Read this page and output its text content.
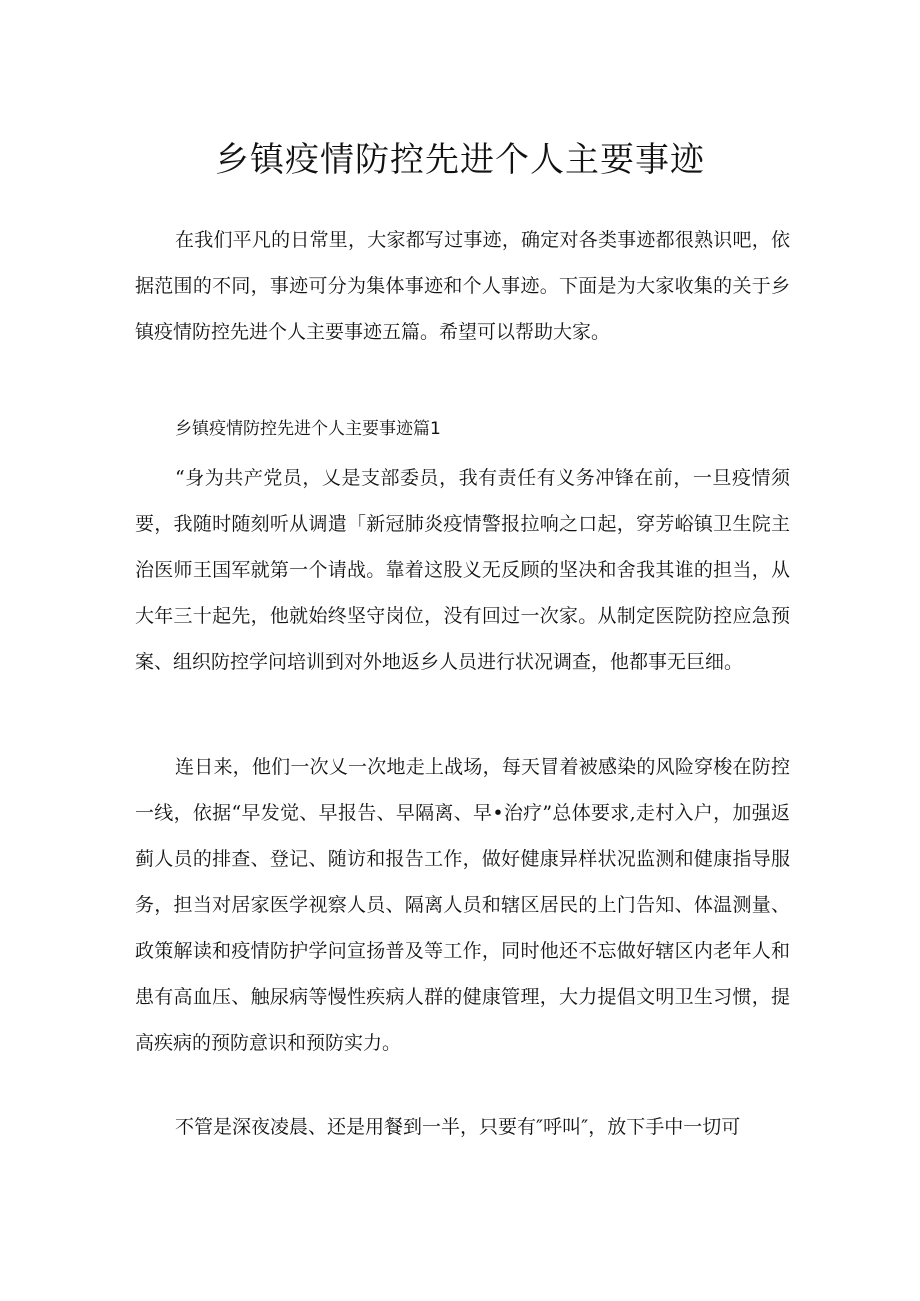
乡镇疫情防控先进个人主要事迹

在我们平凡的日常里，大家都写过事迹，确定对各类事迹都很熟识吧，依据范围的不同，事迹可分为集体事迹和个人事迹。下面是为大家收集的关于乡镇疫情防控先进个人主要事迹五篇。希望可以帮助大家。

乡镇疫情防控先进个人主要事迹篇1

“身为共产党员，乂是支部委员，我有责任有义务冲锋在前，一旦疫情须要，我随时随刻听从调遣「新冠肺炎疫情警报拉响之口起，穿芳峪镇卫生院主治医师王国军就第一个请战。靠着这股义无反顾的坚决和舍我其谁的担当，从大年三十起先，他就始终坚守岗位，没有回过一次家。从制定医院防控应急预案、组织防控学问培训到对外地返乡人员进行状况调查，他都事无巨细。

连日来，他们一次乂一次地走上战场，每天冒着被感染的风险穿梭在防控一线，依据“早发觉、早报告、早隔离、早•治疗”总体要求,走村入户，加强返蓟人员的排查、登记、随访和报告工作，做好健康异样状况监测和健康指导服务，担当对居家医学视察人员、隔离人员和辖区居民的上门告知、体温测量、政策解读和疫情防护学问宣扬普及等工作，同时他还不忘做好辖区内老年人和患有高血压、触尿病等慢性疾病人群的健康管理，大力提倡文明卫生习惯，提高疾病的预防意识和预防实力。

不管是深夜凌晨、还是用餐到一半，只要有″呼叫″，放下手中一切可
